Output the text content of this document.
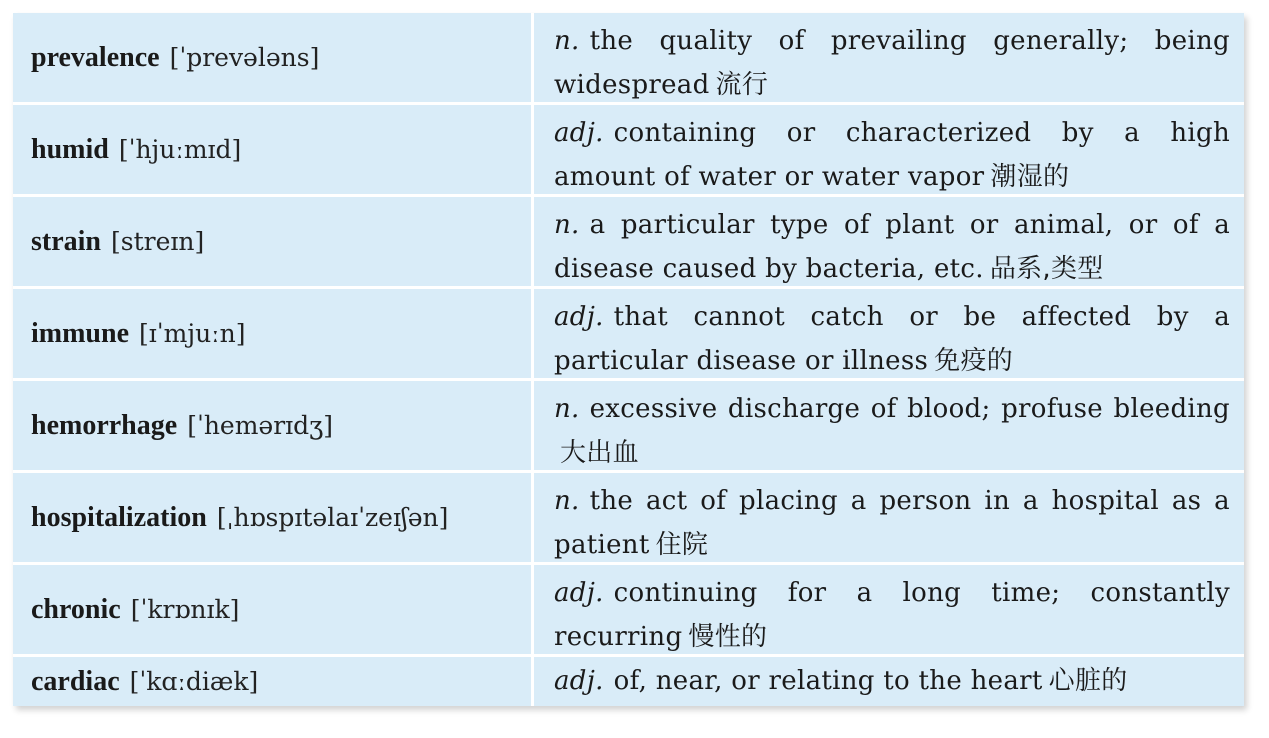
prevalence [ˈprevələns]
n. the quality of prevailing generally; being widespread 流行
humid [ˈhjuːmɪd]
adj. containing or characterized by a high amount of water or water vapor 潮湿的
strain [streɪn]
n. a particular type of plant or animal, or of a disease caused by bacteria, etc. 品系,类型
immune [ɪˈmjuːn]
adj. that cannot catch or be affected by a particular disease or illness 免疫的
hemorrhage [ˈhemərɪdʒ]
n. excessive discharge of blood; profuse bleeding大出血
hospitalization [ˌhɒspɪtəlaɪˈzeɪʃən]
n. the act of placing a person in a hospital as a patient 住院
chronic [ˈkrɒnɪk]
adj. continuing for a long time; constantly recurring 慢性的
cardiac [ˈkɑːdiæk]	adj. of, near, or relating to the heart 心脏的
